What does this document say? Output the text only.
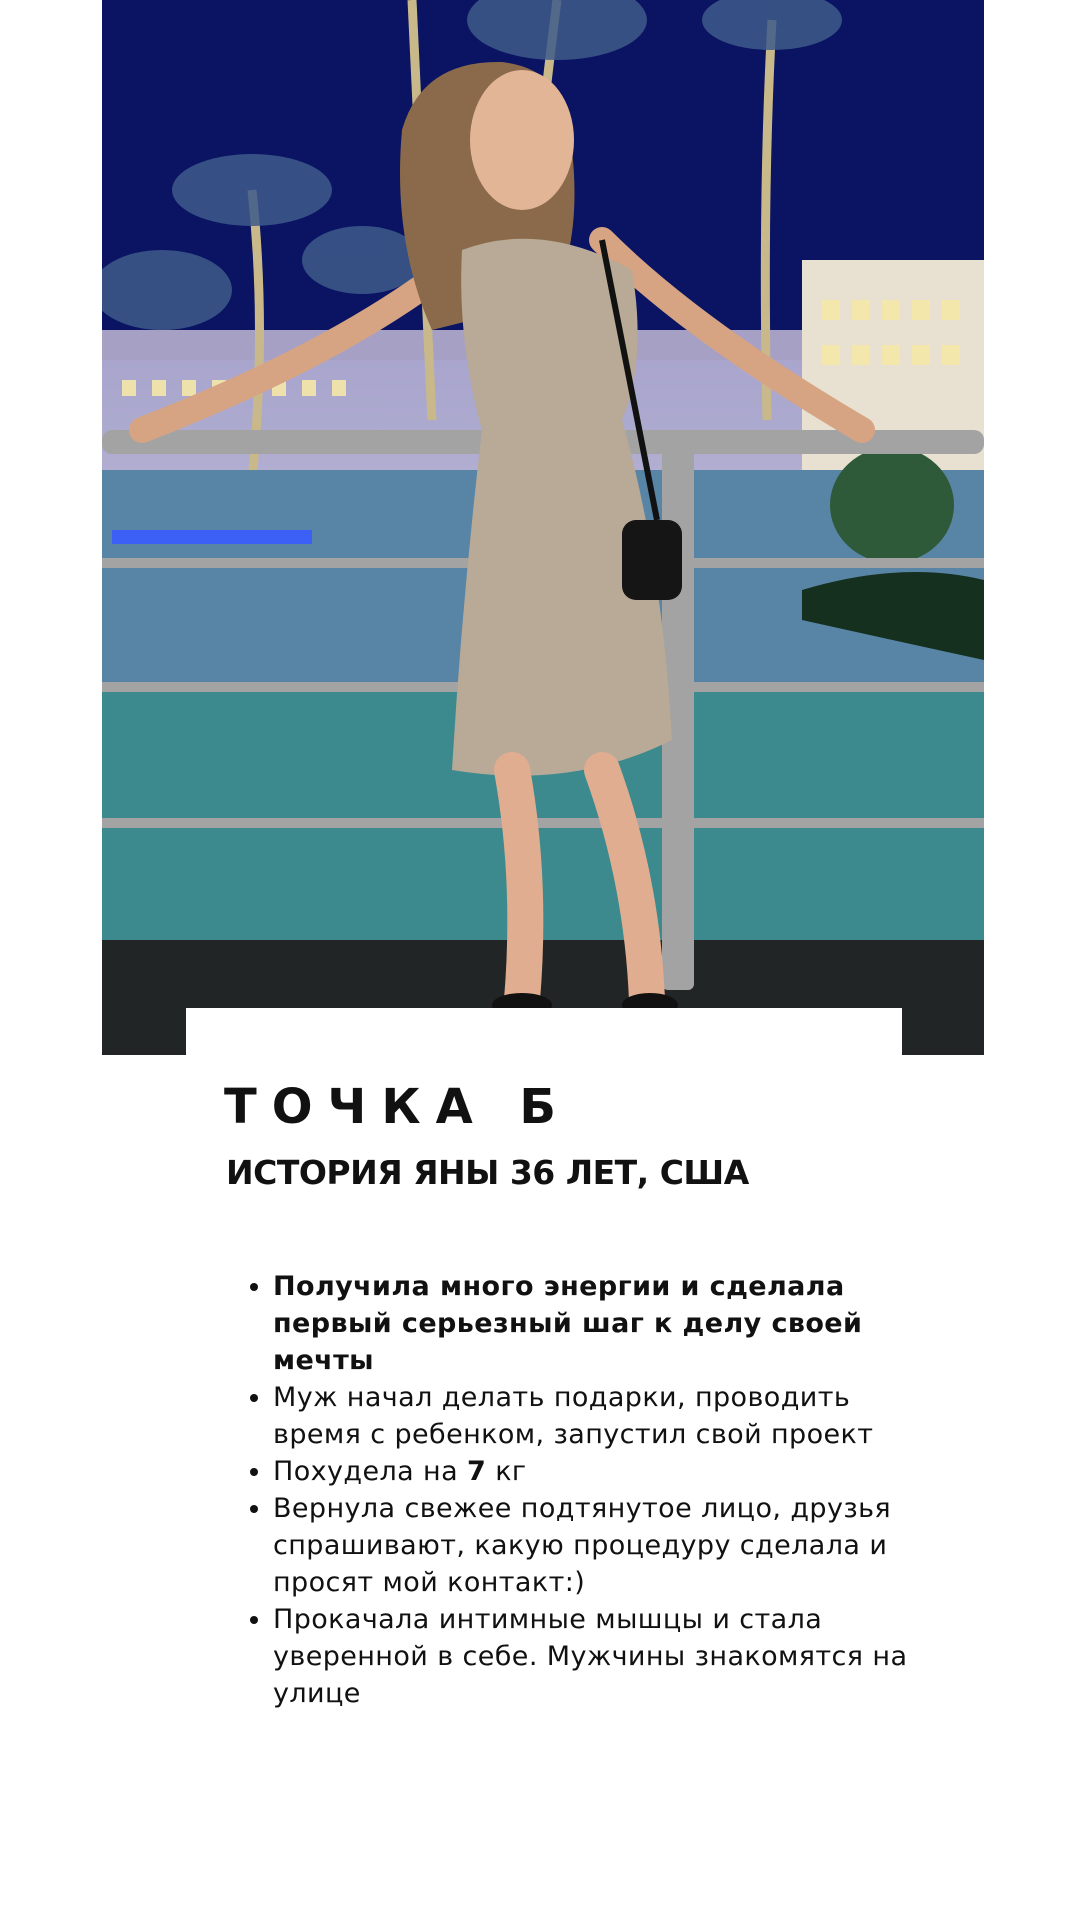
ТОЧКА Б
ИСТОРИЯ ЯНЫ 36 ЛЕТ, США
• Получила много энергии и сделала первый серьезный шаг к делу своей мечты
• Муж начал делать подарки, проводить время с ребенком, запустил свой проект
• Похудела на 7 кг
• Вернула свежее подтянутое лицо, друзья спрашивают, какую процедуру сделала и просят мой контакт:)
• Прокачала интимные мышцы и стала уверенной в себе. Мужчины знакомятся на улице
